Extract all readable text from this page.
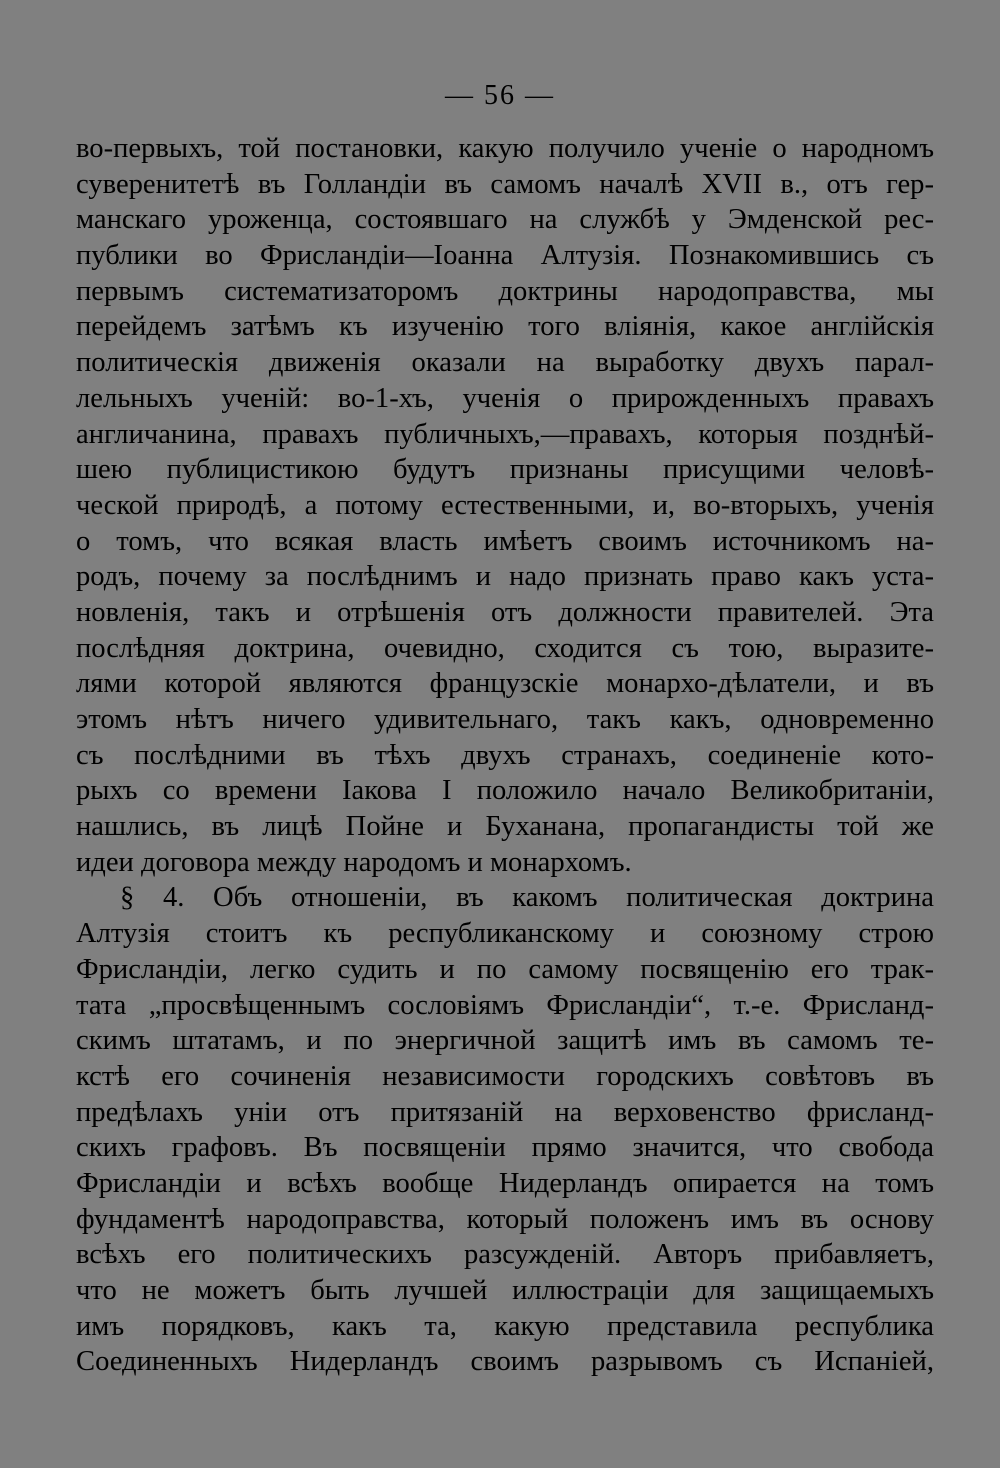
— 56 —
во-первыхъ, той постановки, какую получило ученіе о народномъ
суверенитетѣ въ Голландіи въ самомъ началѣ XVII в., отъ гер-
манскаго уроженца, состоявшаго на службѣ у Эмденской рес-
публики во Фрисландіи—Іоанна Алтузія. Познакомившись съ
первымъ систематизаторомъ доктрины народоправства, мы
перейдемъ затѣмъ къ изученію того вліянія, какое англійскія
политическія движенія оказали на выработку двухъ парал-
лельныхъ ученій: во-1-хъ, ученія о прирожденныхъ правахъ
англичанина, правахъ публичныхъ,—правахъ, которыя позднѣй-
шею публицистикою будутъ признаны присущими человѣ-
ческой природѣ, а потому естественными, и, во-вторыхъ, ученія
о томъ, что всякая власть имѣетъ своимъ источникомъ на-
родъ, почему за послѣднимъ и надо признать право какъ уста-
новленія, такъ и отрѣшенія отъ должности правителей. Эта
послѣдняя доктрина, очевидно, сходится съ тою, выразите-
лями которой являются французскіе монархо-дѣлатели, и въ
этомъ нѣтъ ничего удивительнаго, такъ какъ, одновременно
съ послѣдними въ тѣхъ двухъ странахъ, соединеніе кото-
рыхъ со времени Іакова I положило начало Великобританіи,
нашлись, въ лицѣ Пойне и Буханана, пропагандисты той же
идеи договора между народомъ и монархомъ.
§ 4. Объ отношеніи, въ какомъ политическая доктрина
Алтузія стоитъ къ республиканскому и союзному строю
Фрисландіи, легко судить и по самому посвященію его трак-
тата „просвѣщеннымъ сословіямъ Фрисландіи“, т.-е. Фрисланд-
скимъ штатамъ, и по энергичной защитѣ имъ въ самомъ те-
кстѣ его сочиненія независимости городскихъ совѣтовъ въ
предѣлахъ уніи отъ притязаній на верховенство фрисланд-
скихъ графовъ. Въ посвященіи прямо значится, что свобода
Фрисландіи и всѣхъ вообще Нидерландъ опирается на томъ
фундаментѣ народоправства, который положенъ имъ въ основу
всѣхъ его политическихъ разсужденій. Авторъ прибавляетъ,
что не можетъ быть лучшей иллюстраціи для защищаемыхъ
имъ порядковъ, какъ та, какую представила республика
Соединенныхъ Нидерландъ своимъ разрывомъ съ Испаніей,
